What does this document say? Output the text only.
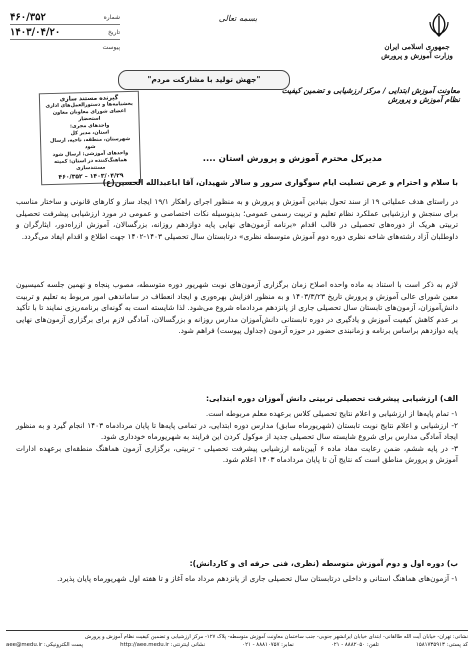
جمهوری اسلامی ایران
وزارت آموزش و پرورش
بسمه تعالی
شماره
۴۶۰/۳۵۲
تاریخ
۱۴۰۳/۰۴/۲۰
پیوست
"جهش تولید با مشارکت مردم"
معاونت آموزش ابتدایی / مرکز ارزشیابی و تضمین کیفیت نظام آموزش و پرورش
گیرنده مستند سازی
بخشنامه‌ها و دستورالعمل‌های اداری
اعضای شورای معاونان معاون استحضار
واحدهای مجری:
استان، مدیر کل
شهرستان، منطقه، ناحیه، ارسال شود
واحدهای آموزشی: ارسال شود
هماهنگ‌کننده در استان: کمیته مستندسازی
۴۶۰/۳۵۲ – ۱۴۰۳/۰۴/۲۹
مدیرکل محترم آموزش و پرورش استان ....
با سلام و احترام و عرض تسلیت ایام سوگواری سرور و سالار شهیدان، آقا اباعبدالله الحسین(ع)
در راستای هدف عملیاتی ۱۹ از سند تحول بنیادین آموزش و پرورش و به منظور اجرای راهکار ۱۹/۱ ایجاد ساز و کارهای قانونی و ساختار مناسب برای سنجش و ارزشیابی عملکرد نظام تعلیم و تربیت رسمی عمومی؛ بدینوسیله نکات اختصاصی و عمومی در مورد ارزشیابی پیشرفت تحصیلی تربیتی هریک از دوره‌های تحصیلی در قالب اقدام «برنامه آزمون‌های نهایی پایه دوازدهم روزانه، بزرگسالان، آموزش ازراه‌دور، ایثارگران و داوطلبان آزاد رشته‌های شاخه نظری دوره دوم آموزش متوسطه نظری» درتابستان سال تحصیلی ۱۴۰۳-۱۴۰۲ جهت اطلاع و اقدام ایفاد می‌گردد.
لازم به ذکر است با استناد به ماده واحده اصلاح زمان برگزاری آزمون‌های نوبت شهریور دوره متوسطه، مصوب پنجاه و نهمین جلسه کمیسیون معین شورای عالی آموزش و پرورش تاریخ ۱۴۰۳/۳/۲۳ و به منظور افزایش بهره‌وری و ایجاد انعطاف در ساماندهی امور مربوط به تعلیم و تربیت دانش‌آموزان، آزمون‌های تابستان سال تحصیلی جاری از پانزدهم مردادماه شروع می‌شود. لذا شایسته است به گونه‌ای برنامه‌ریزی نمایند تا با تأکید بر عدم کاهش کیفیت آموزش و یادگیری در دوره تابستانی دانش‌آموزان مدارس روزانه و بزرگسالان، آمادگی لازم برای برگزاری آزمون‌های نهایی پایه دوازدهم براساس برنامه و زمانبندی حضور در حوزه آزمون (جداول پیوست) فراهم شود.
الف) ارزشیابی پیشرفت تحصیلی تربیتی دانش آموزان دوره ابتدایی:
۱- تمام پایه‌ها از ارزشیابی و اعلام نتایج تحصیلی کلاس برعهده معلم مربوطه است.
۲- ارزشیابی و اعلام نتایج نوبت تابستان (شهریورماه سابق) مدارس دوره ابتدایی، در تمامی پایه‌ها تا پایان مردادماه ۱۴۰۳ انجام گیرد و به منظور ایجاد آمادگی مدارس برای شروع شایسته سال تحصیلی جدید از موکول کردن این فرایند به شهریورماه خودداری شود.
۳- در پایه ششم، ضمن رعایت مفاد ماده ۶ آیین‌نامه ارزشیابی پیشرفت تحصیلی - تربیتی، برگزاری آزمون هماهنگ منطقه‌ای برعهده ادارات آموزش و پرورش مناطق است که نتایج آن تا پایان مردادماه ۱۴۰۳ اعلام شود.
ب) دوره اول و دوم آموزش متوسطه (نظری، فنی حرفه ای و کاردانش):
۱- آزمون‌های هماهنگ استانی و داخلی درتابستان سال تحصیلی جاری از پانزدهم مرداد ماه آغاز و تا هفته اول شهریورماه پایان پذیرد.
نشانی: تهران- خیابان آیت الله طالقانی- ابتدای خیابان ایرانشهر جنوبی- جنب ساختمان معاونت آموزش متوسطه- پلاک ۱۲۷- مرکز ارزشیابی و تضمین کیفیت نظام آموزش و پرورش
کد پستی: ۱۵۸۱۷۳۵۹۱۳
تلفن: ۸۸۸۲۰۵۰ - ۰۲۱
نمابر: ۸۸۸۱۰۷۵۷ - ۰۲۱
نشانی اینترنتی: http://aee.medu.ir
پست الکترونیکی: aee@medu.ir
